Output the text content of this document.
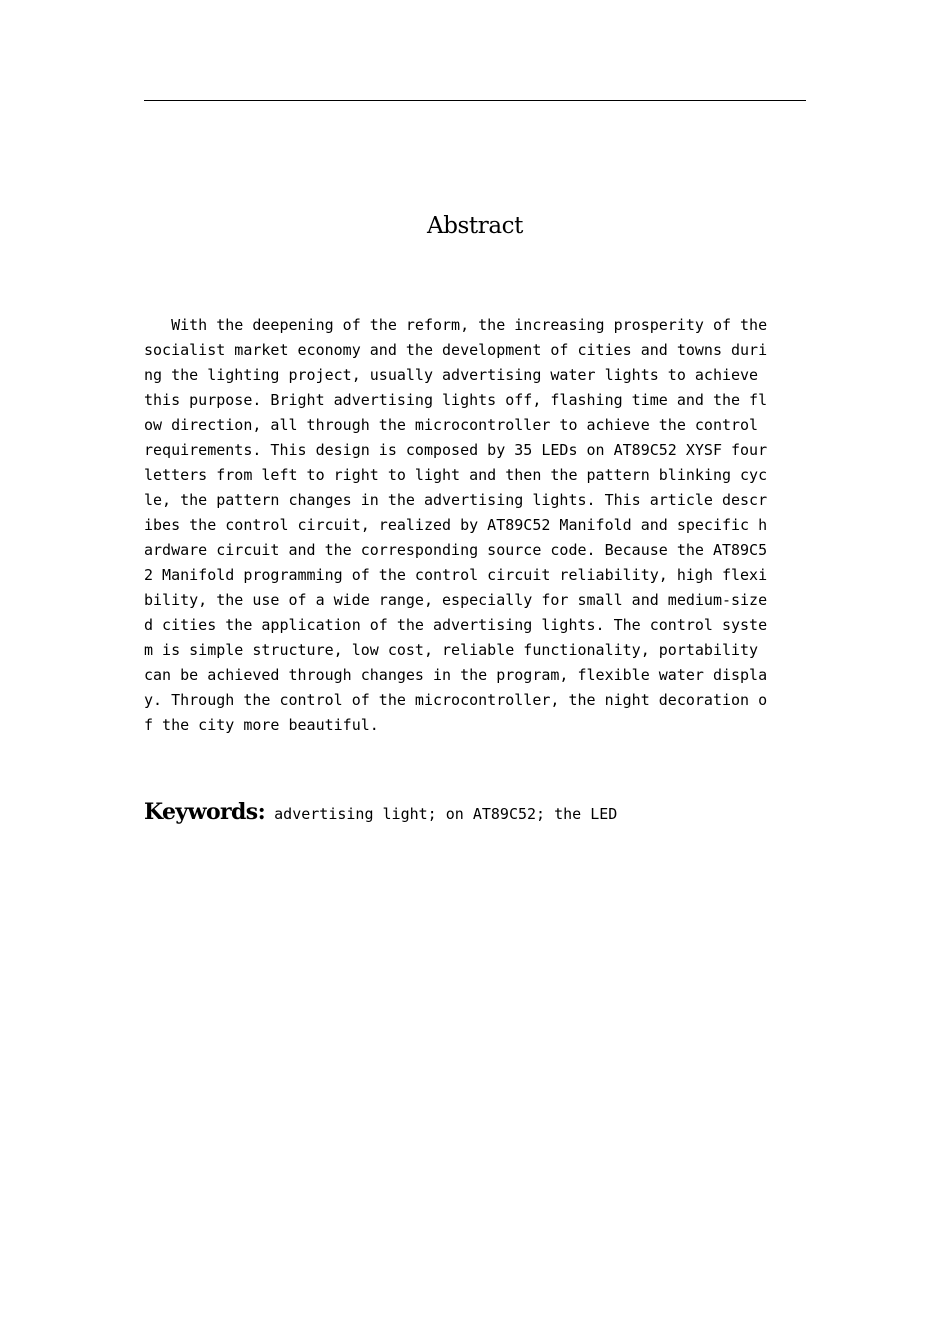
Abstract
With the deepening of the reform, the increasing prosperity of the
socialist market economy and the development of cities and towns duri
ng the lighting project, usually advertising water lights to achieve
this purpose. Bright advertising lights off, flashing time and the fl
ow direction, all through the microcontroller to achieve the control
requirements. This design is composed by 35 LEDs on AT89C52 XYSF four
letters from left to right to light and then the pattern blinking cyc
le, the pattern changes in the advertising lights. This article descr
ibes the control circuit, realized by AT89C52 Manifold and specific h
ardware circuit and the corresponding source code. Because the AT89C5
2 Manifold programming of the control circuit reliability, high flexi
bility, the use of a wide range, especially for small and medium-size
d cities the application of the advertising lights. The control syste
m is simple structure, low cost, reliable functionality, portability
can be achieved through changes in the program, flexible water displa
y. Through the control of the microcontroller, the night decoration o
f the city more beautiful.
Keywords: advertising light; on AT89C52; the LED
